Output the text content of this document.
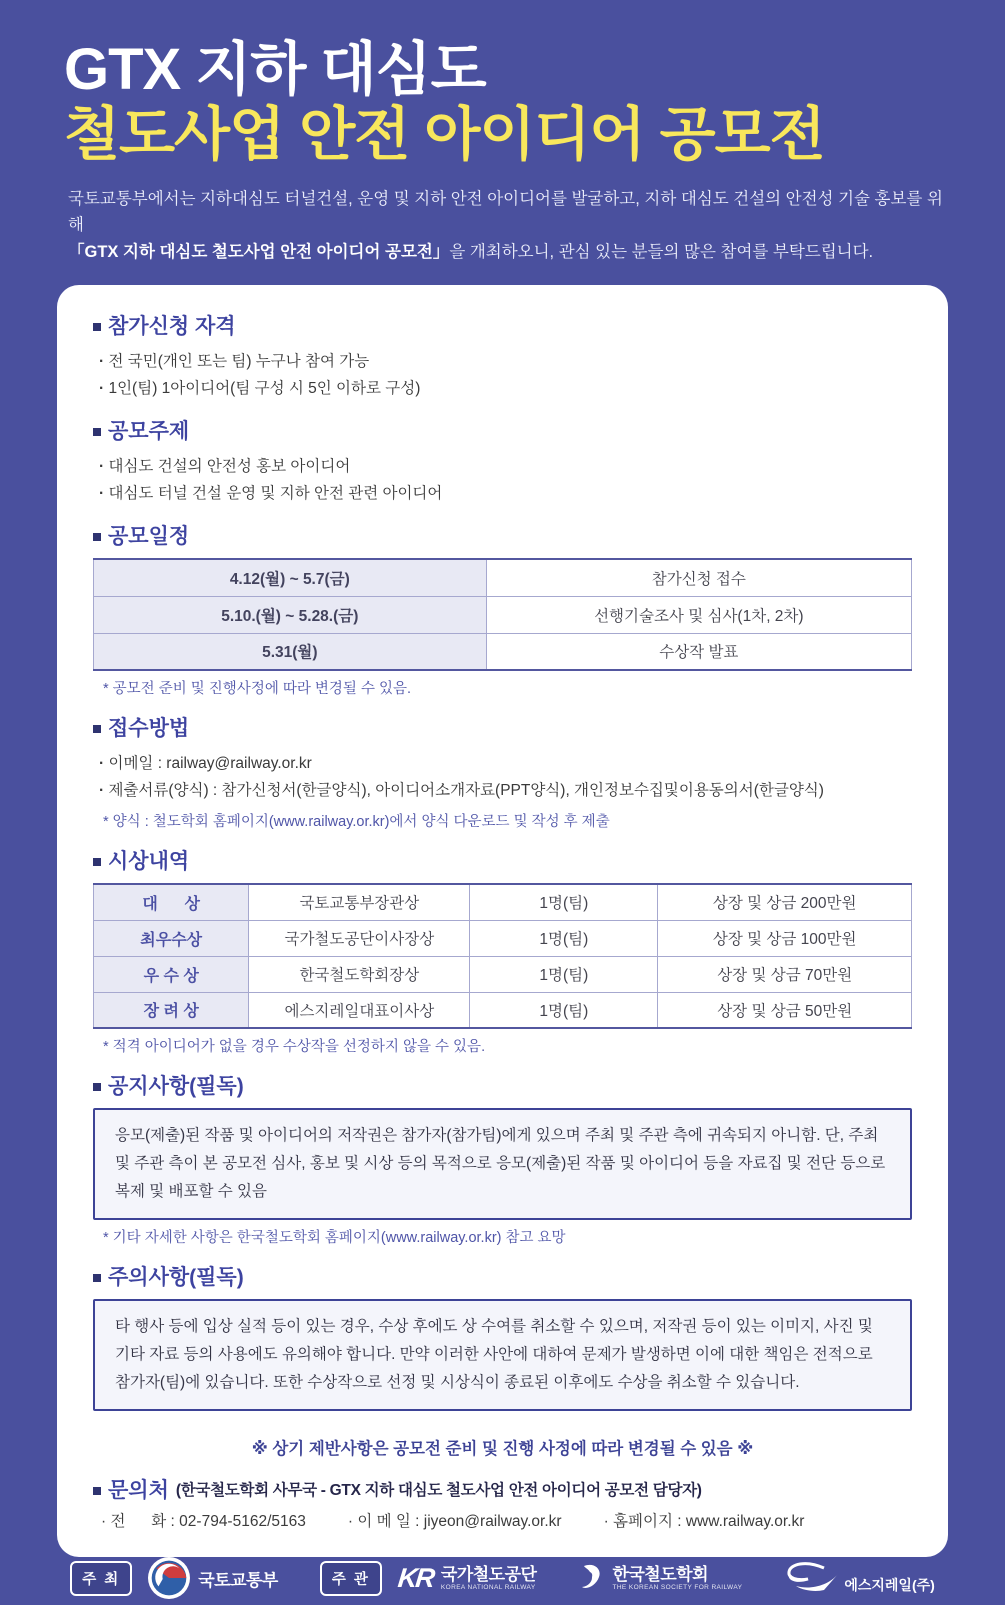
GTX 지하 대심도
철도사업 안전 아이디어 공모전

국토교통부에서는 지하대심도 터널건설, 운영 및 지하 안전 아이디어를 발굴하고, 지하 대심도 건설의 안전성 기술 홍보를 위해
「GTX 지하 대심도 철도사업 안전 아이디어 공모전」을 개최하오니, 관심 있는 분들의 많은 참여를 부탁드립니다.

참가신청 자격
· 전 국민(개인 또는 팀) 누구나 참여 가능
· 1인(팀) 1아이디어(팀 구성 시 5인 이하로 구성)
공모주제
· 대심도 건설의 안전성 홍보 아이디어
· 대심도 터널 건설 운영 및 지하 안전 관련 아이디어
공모일정
4.12(월) ~ 5.7(금)	참가신청 접수
5.10.(월) ~ 5.28.(금)	선행기술조사 및 심사(1차, 2차)
5.31(월)	수상작 발표

* 공모전 준비 및 진행사정에 따라 변경될 수 있음.

접수방법
· 이메일 : railway@railway.or.kr
· 제출서류(양식) : 참가신청서(한글양식), 아이디어소개자료(PPT양식), 개인정보수집및이용동의서(한글양식)

* 양식 : 철도학회 홈페이지(www.railway.or.kr)에서 양식 다운로드 및 작성 후 제출

시상내역
대      상	국토교통부장관상	1명(팀)	상장 및 상금 200만원
최우수상	국가철도공단이사장상	1명(팀)	상장 및 상금 100만원
우 수 상	한국철도학회장상	1명(팀)	상장 및 상금 70만원
장 려 상	에스지레일대표이사상	1명(팀)	상장 및 상금 50만원

* 적격 아이디어가 없을 경우 수상작을 선정하지 않을 수 있음.

공지사항(필독)
응모(제출)된 작품 및 아이디어의 저작권은 참가자(참가팀)에게 있으며 주최 및 주관 측에 귀속되지 아니함. 단, 주최 및 주관 측이 본 공모전 심사, 홍보 및 시상 등의 목적으로 응모(제출)된 작품 및 아이디어 등을 자료집 및 전단 등으로 복제 및 배포할 수 있음

* 기타 자세한 사항은 한국철도학회 홈페이지(www.railway.or.kr) 참고 요망

주의사항(필독)
타 행사 등에 입상 실적 등이 있는 경우, 수상 후에도 상 수여를 취소할 수 있으며, 저작권 등이 있는 이미지, 사진 및 기타 자료 등의 사용에도 유의해야 합니다. 만약 이러한 사안에 대하여 문제가 발생하면 이에 대한 책임은 전적으로 참가자(팀)에 있습니다. 또한 수상작으로 선정 및 시상식이 종료된 이후에도 수상을 취소할 수 있습니다.

※ 상기 제반사항은 공모전 준비 및 진행 사정에 따라 변경될 수 있음 ※

문의처 (한국철도학회 사무국 - GTX 지하 대심도 철도사업 안전 아이디어 공모전 담당자)
· 전      화 : 02-794-5162/5163	· 이 메 일 : jiyeon@railway.or.kr	· 홈페이지 : www.railway.or.kr
주 최	국토교통부	주 관 KR 국가철도공단
KOREA NATIONAL RAILWAY
한국철도학회
THE KOREAN SOCIETY FOR RAILWAY	에스지레일(주)
